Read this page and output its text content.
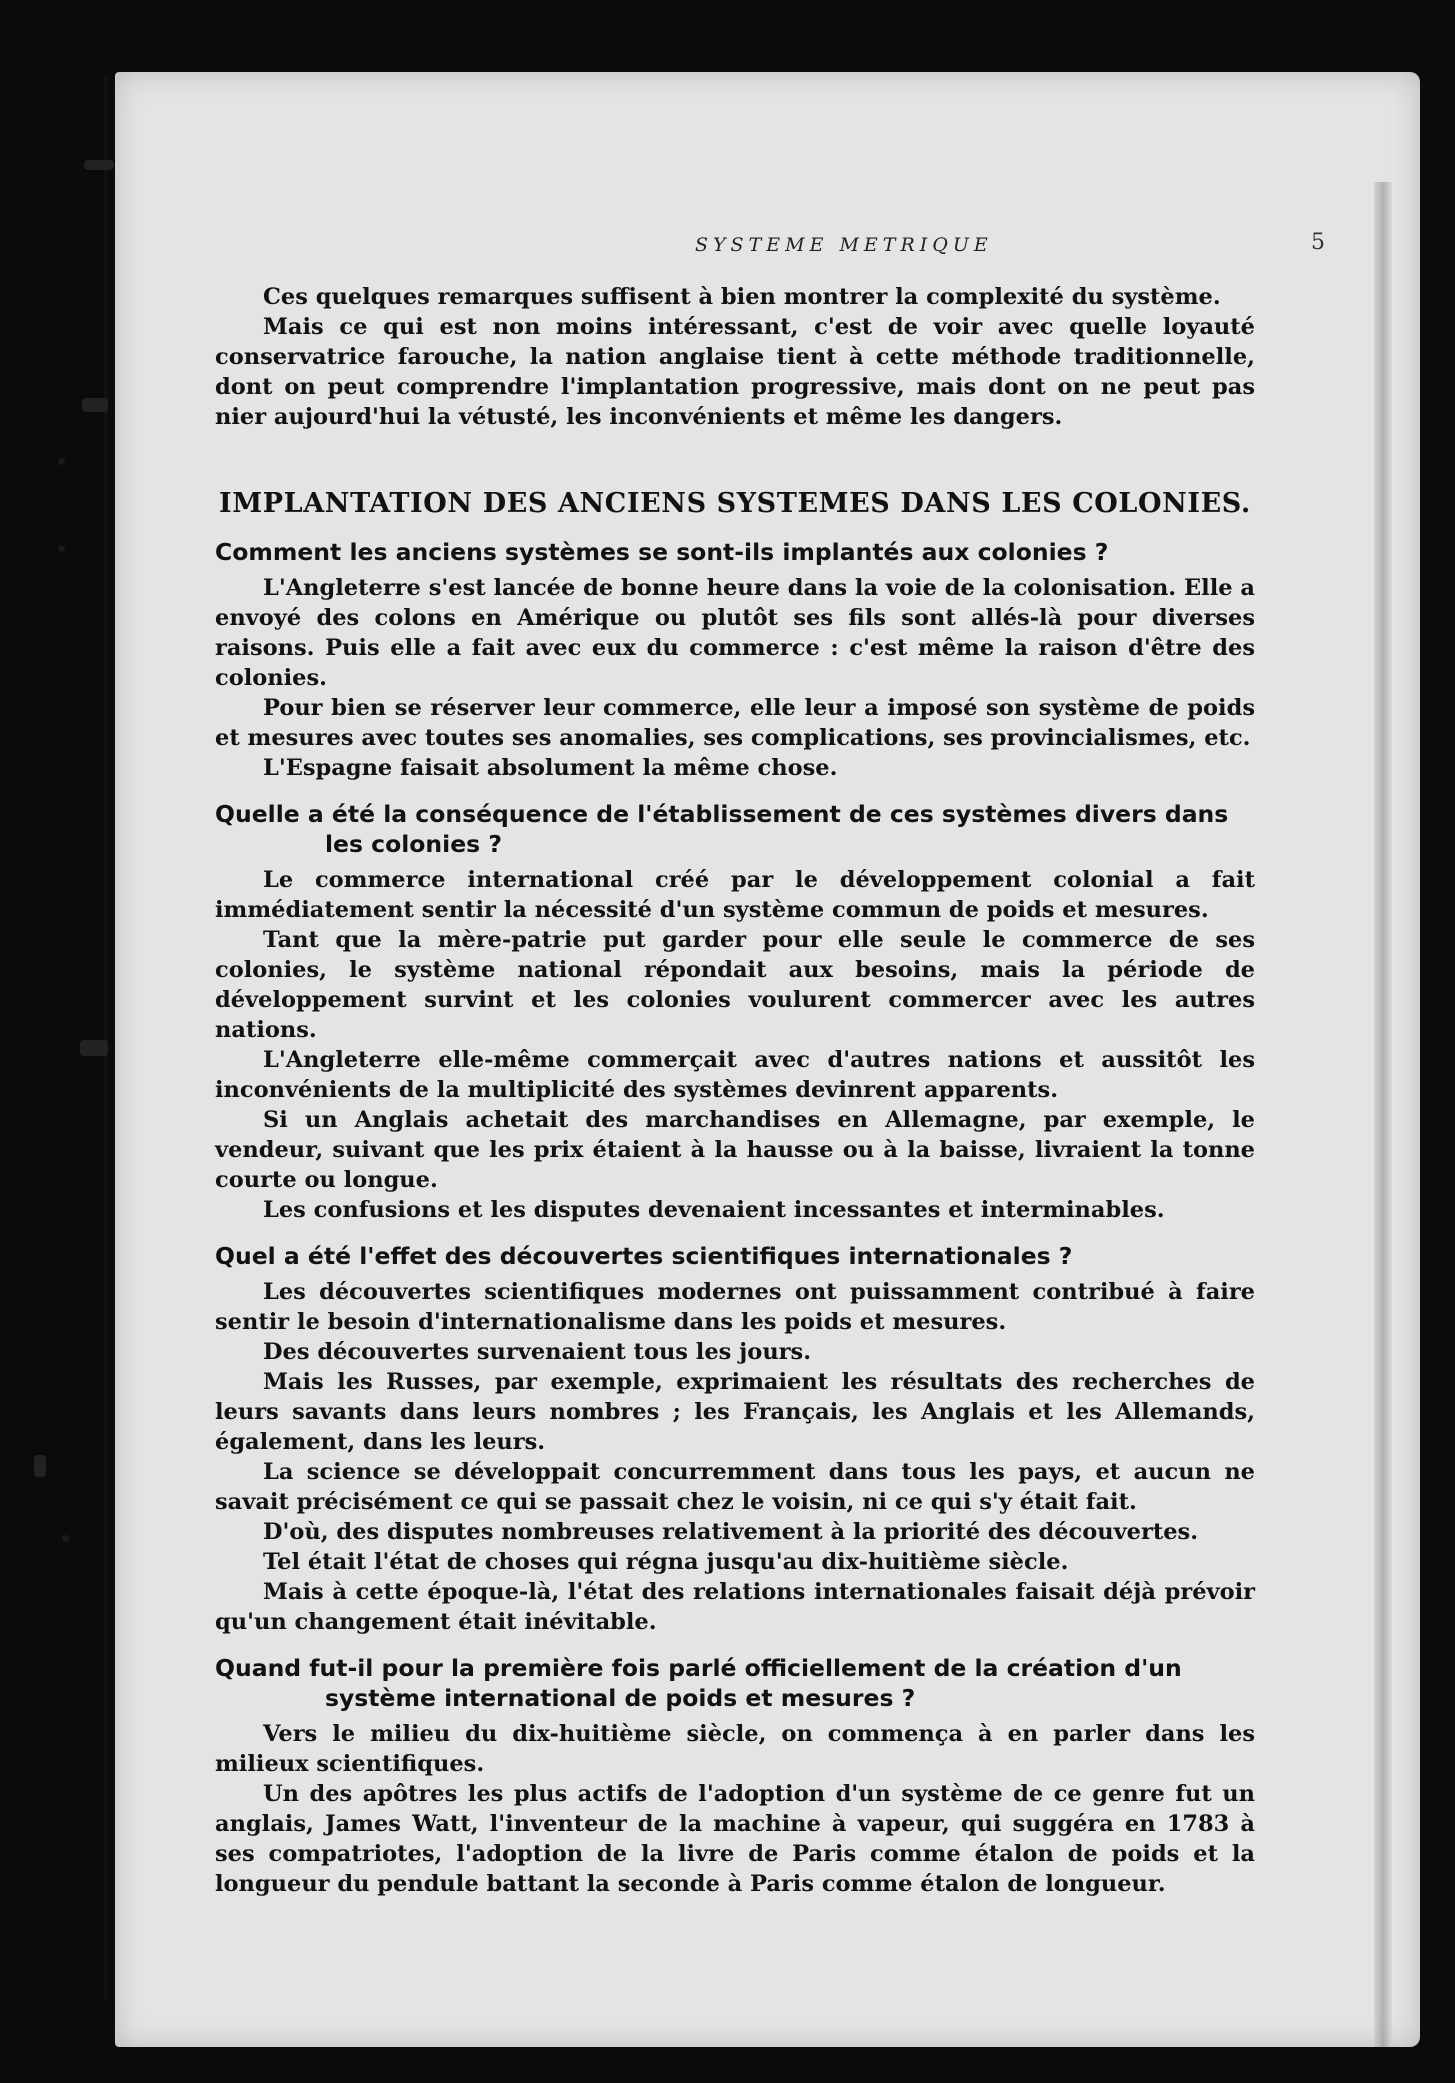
SYSTEME METRIQUE	5

Ces quelques remarques suffisent à bien montrer la complexité du système.

Mais ce qui est non moins intéressant, c'est de voir avec quelle loyauté conservatrice farouche, la nation anglaise tient à cette méthode traditionnelle, dont on peut comprendre l'implantation progressive, mais dont on ne peut pas nier aujourd'hui la vétusté, les inconvénients et même les dangers.

IMPLANTATION DES ANCIENS SYSTEMES DANS LES COLONIES.
Comment les anciens systèmes se sont-ils implantés aux colonies ?

L'Angleterre s'est lancée de bonne heure dans la voie de la colonisation. Elle a envoyé des colons en Amérique ou plutôt ses fils sont allés-là pour diverses raisons. Puis elle a fait avec eux du commerce : c'est même la raison d'être des colonies.

Pour bien se réserver leur commerce, elle leur a imposé son système de poids et mesures avec toutes ses anomalies, ses complications, ses provincialismes, etc.

L'Espagne faisait absolument la même chose.

Quelle a été la conséquence de l'établissement de ces systèmes divers dans les colonies ?

Le commerce international créé par le développement colonial a fait immédiatement sentir la nécessité d'un système commun de poids et mesures.

Tant que la mère-patrie put garder pour elle seule le commerce de ses colonies, le système national répondait aux besoins, mais la période de développement survint et les colonies voulurent commercer avec les autres nations.

L'Angleterre elle-même commerçait avec d'autres nations et aussitôt les inconvénients de la multiplicité des systèmes devinrent apparents.

Si un Anglais achetait des marchandises en Allemagne, par exemple, le vendeur, suivant que les prix étaient à la hausse ou à la baisse, livraient la tonne courte ou longue.

Les confusions et les disputes devenaient incessantes et interminables.

Quel a été l'effet des découvertes scientifiques internationales ?

Les découvertes scientifiques modernes ont puissamment contribué à faire sentir le besoin d'internationalisme dans les poids et mesures.

Des découvertes survenaient tous les jours.

Mais les Russes, par exemple, exprimaient les résultats des recherches de leurs savants dans leurs nombres ; les Français, les Anglais et les Allemands, également, dans les leurs.

La science se développait concurremment dans tous les pays, et aucun ne savait précisément ce qui se passait chez le voisin, ni ce qui s'y était fait.

D'où, des disputes nombreuses relativement à la priorité des découvertes.

Tel était l'état de choses qui régna jusqu'au dix-huitième siècle.

Mais à cette époque-là, l'état des relations internationales faisait déjà prévoir qu'un changement était inévitable.

Quand fut-il pour la première fois parlé officiellement de la création d'un système international de poids et mesures ?

Vers le milieu du dix-huitième siècle, on commença à en parler dans les milieux scientifiques.

Un des apôtres les plus actifs de l'adoption d'un système de ce genre fut un anglais, James Watt, l'inventeur de la machine à vapeur, qui suggéra en 1783 à ses compatriotes, l'adoption de la livre de Paris comme étalon de poids et la longueur du pendule battant la seconde à Paris comme étalon de longueur.
